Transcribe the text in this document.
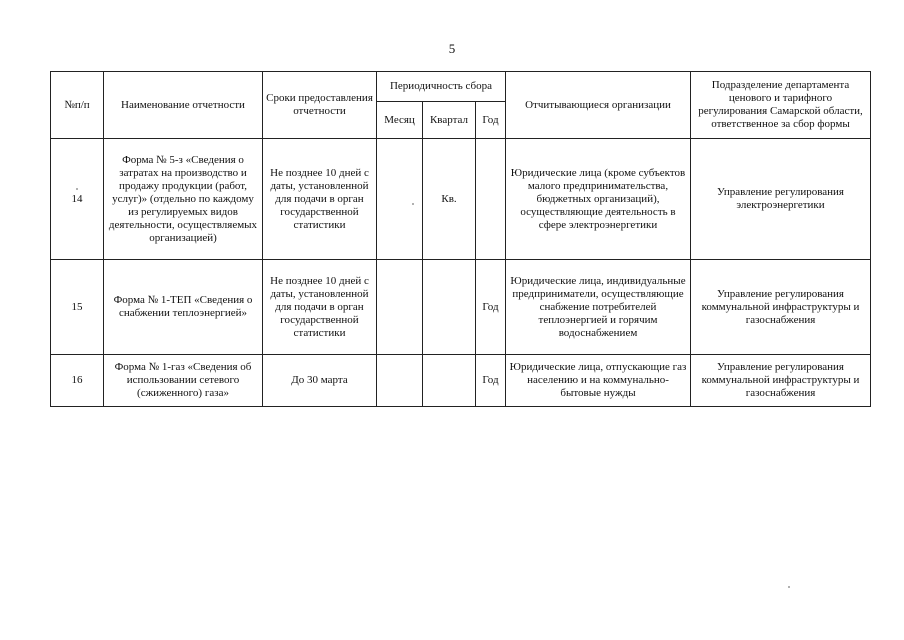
5
№п/п	Наименование отчетности	Сроки предоставления отчетности	Периодичность сбора			Отчитывающиеся организации	Подразделение департамента ценового и тарифного регулирования Самарской области, ответственное за сбор формы
			Месяц	Квартал	Год		
14	Форма № 5-з «Сведения о затратах на производство и продажу продукции (работ, услуг)» (отдельно по каждому из регулируемых видов деятельности, осуществляемых организацией)	Не позднее 10 дней с даты, установленной для подачи в орган государственной статистики		Кв.		Юридические лица (кроме субъектов малого предпринимательства, бюджетных организаций), осуществляющие деятельность в сфере электроэнергетики	Управление регулирования электроэнергетики
15	Форма № 1-ТЕП «Сведения о снабжении теплоэнергией»	Не позднее 10 дней с даты, установленной для подачи в орган государственной статистики			Год	Юридические лица, индивидуальные предприниматели, осуществляющие снабжение потребителей теплоэнергией и горячим водоснабжением	Управление регулирования коммунальной инфраструктуры и газоснабжения
16	Форма № 1-газ «Сведения об использовании сетевого (сжиженного) газа»	До 30 марта			Год	Юридические лица, отпускающие газ населению и на коммунально-бытовые нужды	Управление регулирования коммунальной инфраструктуры и газоснабжения
